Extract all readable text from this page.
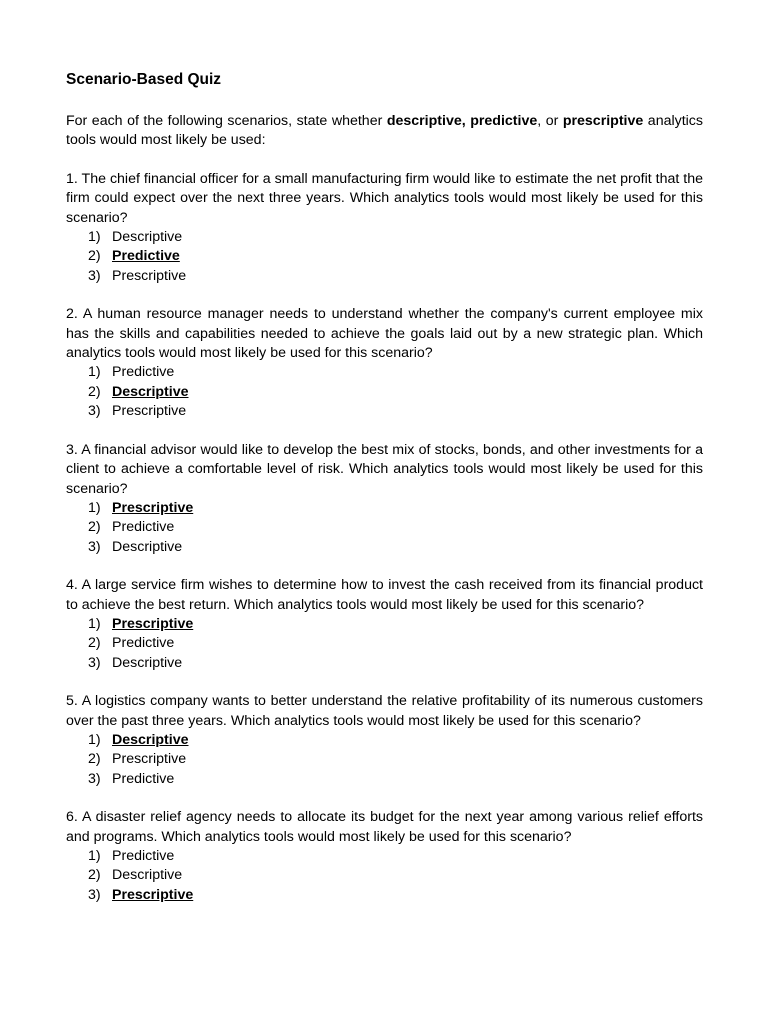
Scenario-Based Quiz

For each of the following scenarios, state whether descriptive, predictive, or prescriptive analytics tools would most likely be used:

1. The chief financial officer for a small manufacturing firm would like to estimate the net profit that the firm could expect over the next three years. Which analytics tools would most likely be used for this scenario?

1) Descriptive
2) Predictive
3) Prescriptive

2. A human resource manager needs to understand whether the company's current employee mix has the skills and capabilities needed to achieve the goals laid out by a new strategic plan. Which analytics tools would most likely be used for this scenario?

1) Predictive
2) Descriptive
3) Prescriptive

3. A financial advisor would like to develop the best mix of stocks, bonds, and other investments for a client to achieve a comfortable level of risk. Which analytics tools would most likely be used for this scenario?

1) Prescriptive
2) Predictive
3) Descriptive

4. A large service firm wishes to determine how to invest the cash received from its financial product to achieve the best return. Which analytics tools would most likely be used for this scenario?

1) Prescriptive
2) Predictive
3) Descriptive

5. A logistics company wants to better understand the relative profitability of its numerous customers over the past three years. Which analytics tools would most likely be used for this scenario?

1) Descriptive
2) Prescriptive
3) Predictive

6. A disaster relief agency needs to allocate its budget for the next year among various relief efforts and programs. Which analytics tools would most likely be used for this scenario?

1) Predictive
2) Descriptive
3) Prescriptive
